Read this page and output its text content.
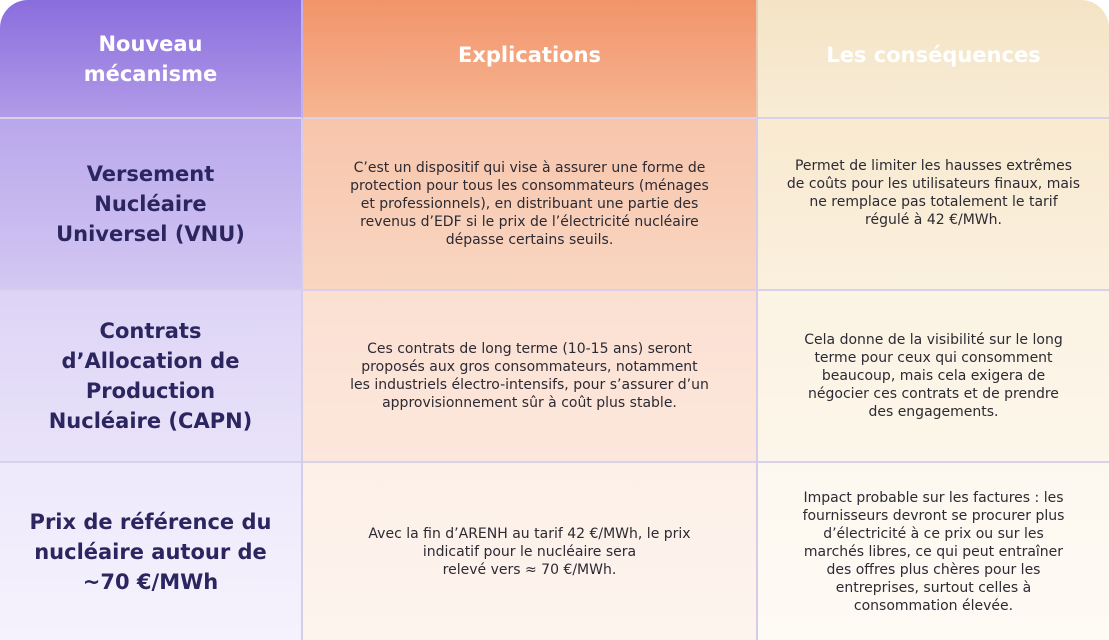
Nouveau
mécanisme
Explications	Les conséquences
Versement
Nucléaire
Universel (VNU)
C’est un dispositif qui vise à assurer une forme de
protection pour tous les consommateurs (ménages
et professionnels), en distribuant une partie des
revenus d’EDF si le prix de l’électricité nucléaire
dépasse certains seuils.
Permet de limiter les hausses extrêmes
de coûts pour les utilisateurs finaux, mais
ne remplace pas totalement le tarif
régulé à 42 €/MWh.
Contrats
d’Allocation de
Production
Nucléaire (CAPN)
Ces contrats de long terme (10-15 ans) seront
proposés aux gros consommateurs, notamment
les industriels électro-intensifs, pour s’assurer d’un
approvisionnement sûr à coût plus stable.
Cela donne de la visibilité sur le long
terme pour ceux qui consomment
beaucoup, mais cela exigera de
négocier ces contrats et de prendre
des engagements.
Prix de référence du
nucléaire autour de
~70 €/MWh
Avec la fin d’ARENH au tarif 42 €/MWh, le prix
indicatif pour le nucléaire sera
relevé vers ≈ 70 €/MWh.
Impact probable sur les factures : les
fournisseurs devront se procurer plus
d’électricité à ce prix ou sur les
marchés libres, ce qui peut entraîner
des offres plus chères pour les
entreprises, surtout celles à
consommation élevée.
